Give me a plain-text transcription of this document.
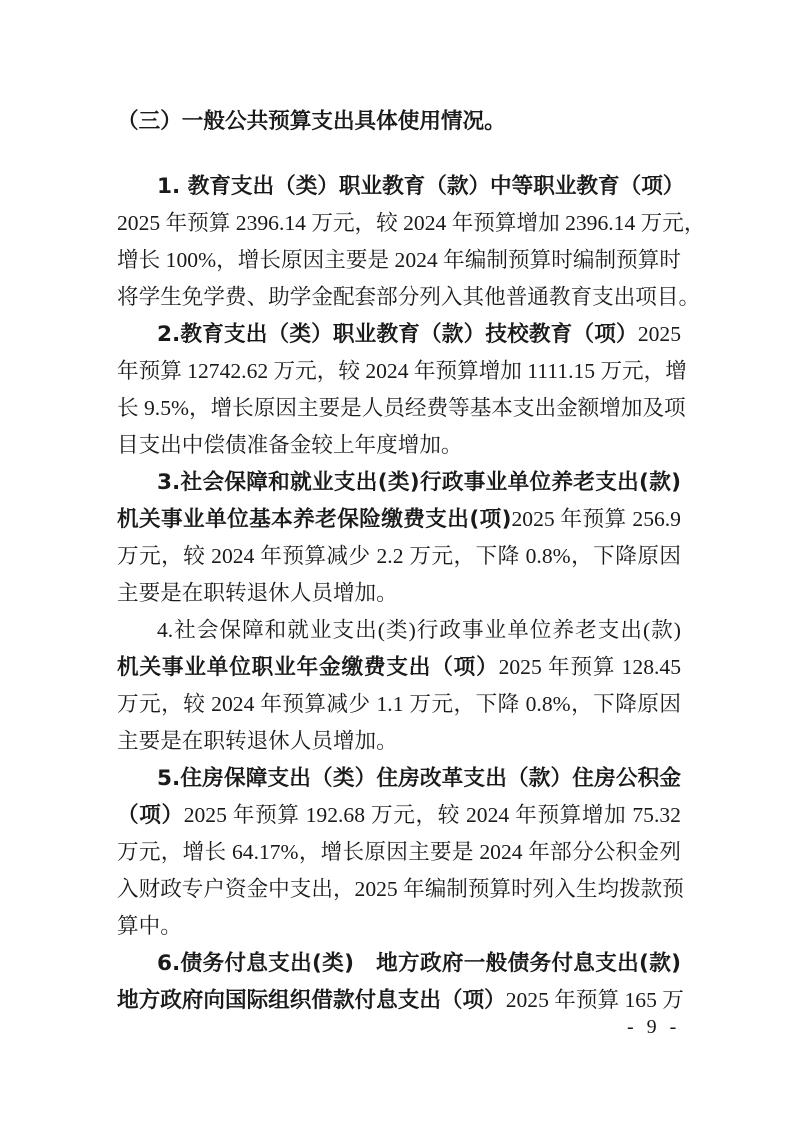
（三）一般公共预算支出具体使用情况。
1. 教育支出（类）职业教育（款）中等职业教育（项）
2025 年预算 2396.14 万元，较 2024 年预算增加 2396.14 万元，
增长 100%，增长原因主要是 2024 年编制预算时编制预算时
将学生免学费、助学金配套部分列入其他普通教育支出项目。
2.教育支出（类）职业教育（款）技校教育（项）2025
年预算 12742.62 万元，较 2024 年预算增加 1111.15 万元，增
长 9.5%，增长原因主要是人员经费等基本支出金额增加及项
目支出中偿债准备金较上年度增加。
3.社会保障和就业支出(类)行政事业单位养老支出(款)
机关事业单位基本养老保险缴费支出(项)2025 年预算 256.9
万元，较 2024 年预算减少 2.2 万元，下降 0.8%，下降原因
主要是在职转退休人员增加。
4.社会保障和就业支出(类)行政事业单位养老支出(款)
机关事业单位职业年金缴费支出（项）2025 年预算 128.45
万元，较 2024 年预算减少 1.1 万元，下降 0.8%，下降原因
主要是在职转退休人员增加。
5.住房保障支出（类）住房改革支出（款）住房公积金
（项）2025 年预算 192.68 万元，较 2024 年预算增加 75.32
万元，增长 64.17%，增长原因主要是 2024 年部分公积金列
入财政专户资金中支出，2025 年编制预算时列入生均拨款预
算中。
6.债务付息支出(类)　地方政府一般债务付息支出(款)
地方政府向国际组织借款付息支出（项）2025 年预算 165 万
- 9 -
